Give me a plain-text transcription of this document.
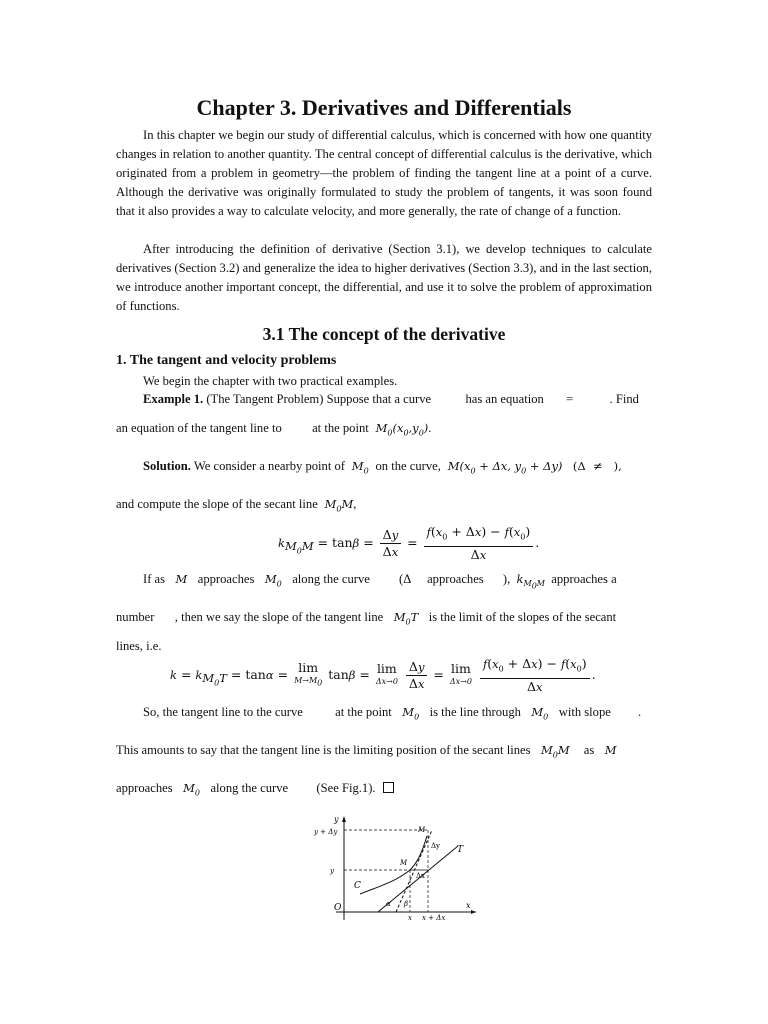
Chapter 3. Derivatives and Differentials

In this chapter we begin our study of differential calculus, which is concerned with how one quantity changes in relation to another quantity. The central concept of differential calculus is the derivative, which originated from a problem in geometry—the problem of finding the tangent line at a point of a curve. Although the derivative was originally formulated to study the problem of tangents, it was soon found that it also provides a way to calculate velocity, and more generally, the rate of change of a function.

After introducing the definition of derivative (Section 3.1), we develop techniques to calculate derivatives (Section 3.2) and generalize the idea to higher derivatives (Section 3.3), and in the last section, we introduce another important concept, the differential, and use it to solve the problem of approximation of functions.

3.1 The concept of the derivative
1. The tangent and velocity problems
We begin the chapter with two practical examples.
Example 1. (The Tangent Problem) Suppose that a curve	has an equation =	. Find
an equation of the tangent line to at the point  $M_0(x_0,y_0)$.
Solution. We consider a nearby point of  $M_0$ on the curve,  $M(x_0 + \Delta x$, $y_0 + \Delta y$)   (Δ  ≠   ),
and compute the slope of the secant line  $M_0M$,
$k_{M_0M} = \tan\beta = \frac{\Delta y}{\Delta x} = \frac{f(x_0 + \Delta x) - f(x_0)}{\Delta x}$ .
If as   M   approaches   $M_0$ along the curve (Δ     approaches ),  $k_{M_0M}$ approaches a
number , then we say the slope of the tangent line   $M_0T$   is the limit of the slopes of the secant
lines, i.e.
$k = k_{M_0T} = \tan\alpha = \lim$
$M\to M_0$
tanβ = lim
Δx→0
$\frac{\Delta y}{\Delta x} = \lim$
Δx→0
$\frac{f(x_0 + \Delta x) - f(x_0)}{\Delta x}$ .
So, the tangent line to the curve	at the point   $M_0$ is the line through   $M_0$ with slope .
This amounts to say that the tangent line is the limiting position of the secant lines   $M_0M$    as   M
approaches   $M_0$ along the curve (See Fig.1).
y
x
O
C
T
y + Δy
y
M
M
Δy
Δx
α β
x x + Δx
